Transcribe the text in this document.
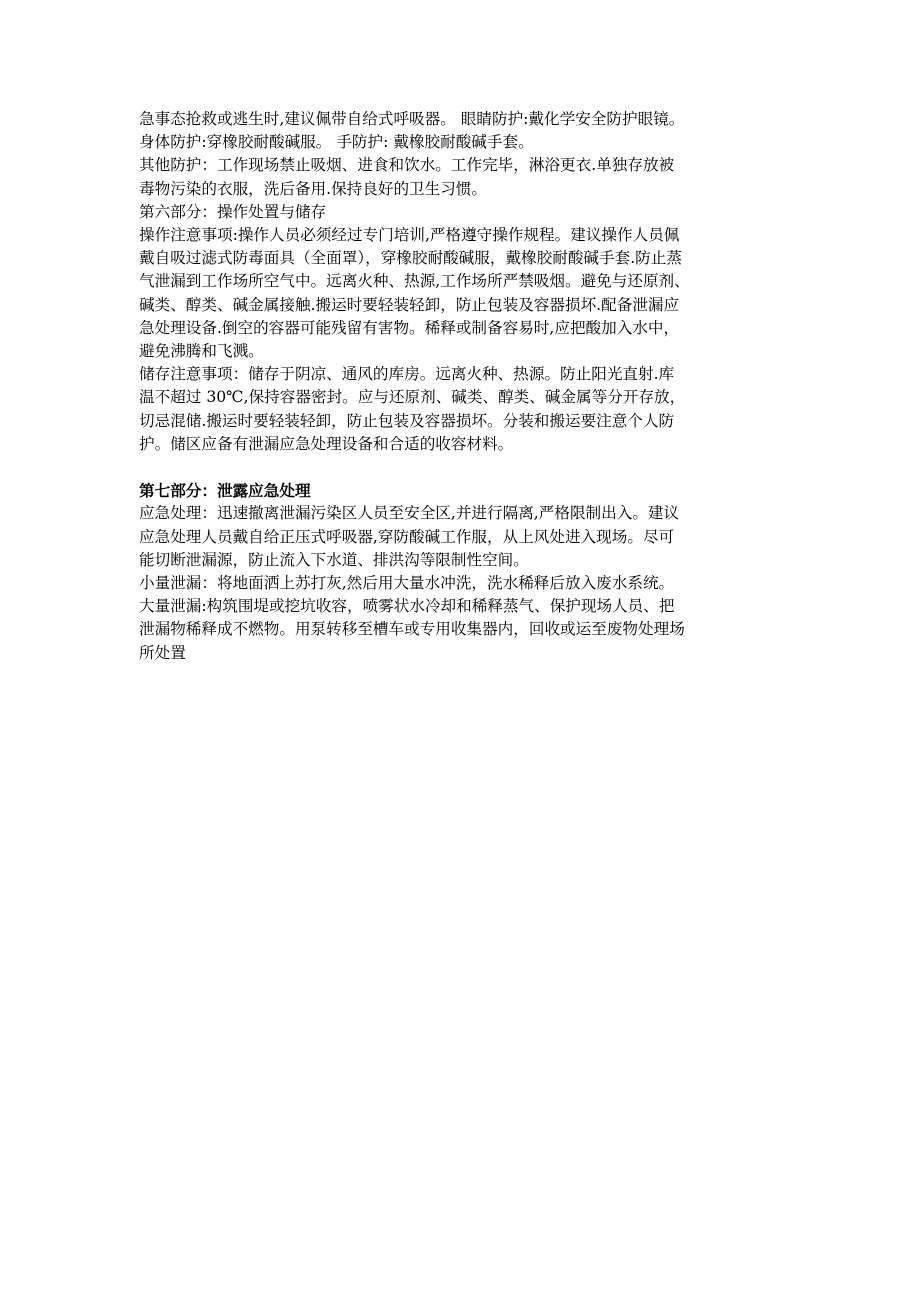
急事态抢救或逃生时,建议佩带自给式呼吸器。 眼睛防护:戴化学安全防护眼镜。
身体防护:穿橡胶耐酸碱服。 手防护: 戴橡胶耐酸碱手套。
其他防护：工作现场禁止吸烟、进食和饮水。工作完毕，淋浴更衣.单独存放被
毒物污染的衣服，洗后备用.保持良好的卫生习惯。
第六部分：操作处置与储存
操作注意事项:操作人员必须经过专门培训,严格遵守操作规程。建议操作人员佩
戴自吸过滤式防毒面具（全面罩），穿橡胶耐酸碱服，戴橡胶耐酸碱手套.防止蒸
气泄漏到工作场所空气中。远离火种、热源,工作场所严禁吸烟。避免与还原剂、
碱类、醇类、碱金属接触.搬运时要轻装轻卸，防止包装及容器损坏.配备泄漏应
急处理设备.倒空的容器可能残留有害物。稀释或制备容易时,应把酸加入水中，
避免沸腾和飞溅。
储存注意事项：储存于阴凉、通风的库房。远离火种、热源。防止阳光直射.库
温不超过 30℃,保持容器密封。应与还原剂、碱类、醇类、碱金属等分开存放，
切忌混储.搬运时要轻装轻卸，防止包装及容器损坏。分装和搬运要注意个人防
护。储区应备有泄漏应急处理设备和合适的收容材料。
第七部分：泄露应急处理
应急处理：迅速撤离泄漏污染区人员至安全区,并进行隔离,严格限制出入。建议
应急处理人员戴自给正压式呼吸器,穿防酸碱工作服，从上风处进入现场。尽可
能切断泄漏源，防止流入下水道、排洪沟等限制性空间。
小量泄漏：将地面洒上苏打灰,然后用大量水冲洗，洗水稀释后放入废水系统。
大量泄漏:构筑围堤或挖坑收容，喷雾状水冷却和稀释蒸气、保护现场人员、把
泄漏物稀释成不燃物。用泵转移至槽车或专用收集器内，回收或运至废物处理场
所处置
